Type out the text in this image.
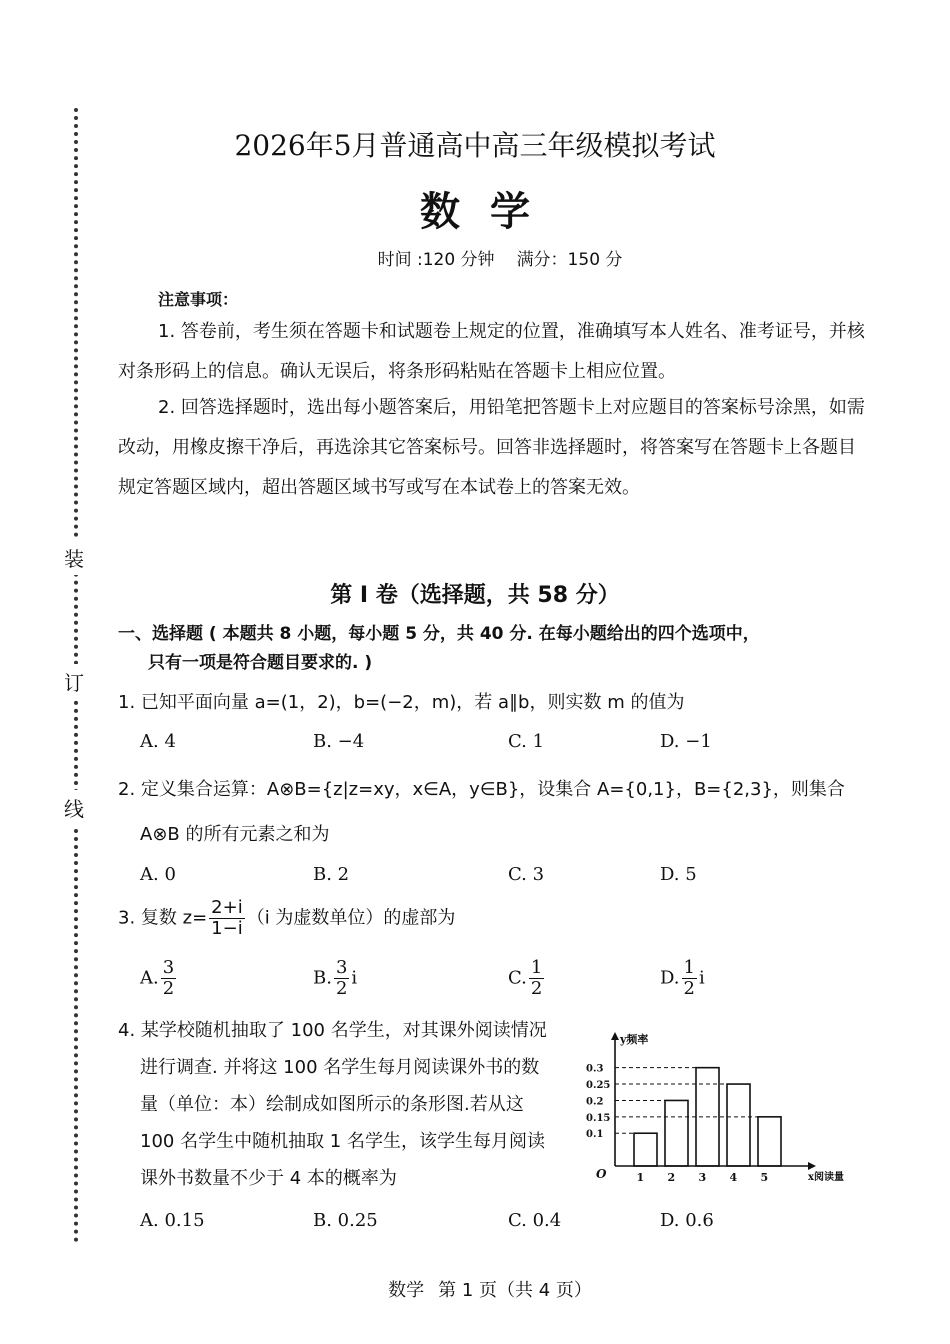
装
订
线
2026年5月普通高中高三年级模拟考试
数学
时间 :120 分钟 满分：150 分
注意事项：
1. 答卷前，考生须在答题卡和试题卷上规定的位置，准确填写本人姓名、准考证号，并核对条形码上的信息。确认无误后，将条形码粘贴在答题卡上相应位置。
2. 回答选择题时，选出每小题答案后，用铅笔把答题卡上对应题目的答案标号涂黑，如需改动，用橡皮擦干净后，再选涂其它答案标号。回答非选择题时，将答案写在答题卡上各题目规定答题区域内，超出答题区域书写或写在本试卷上的答案无效。
第 Ⅰ 卷（选择题，共 58 分）
一、选择题 ( 本题共 8 小题，每小题 5 分，共 40 分. 在每小题给出的四个选项中，
只有一项是符合题目要求的. )
1. 已知平面向量 a=(1，2)，b=(−2，m)，若 a∥b，则实数 m 的值为
A. 4	B. −4	C. 1	D. −1
2. 定义集合运算：A⊗B={z|z=xy，x∈A，y∈B}，设集合 A={0,1}，B={2,3}，则集合
A⊗B 的所有元素之和为
A. 0	B. 2	C. 3	D. 5
3. 复数 $z= \frac{2+i}{1-i} (i$ 为虚数单位）的虚部为
A. $\frac{3}{2}$	B. $\frac{3}{2}$ i	C. $\frac{1}{2}$	D. $\frac{1}{2}$ i
4. 某学校随机抽取了 100 名学生，对其课外阅读情况
进行调查. 并将这 100 名学生每月阅读课外书的数
量（单位：本）绘制成如图所示的条形图.若从这
100 名学生中随机抽取 1 名学生，该学生每月阅读
课外书数量不少于 4 本的概率为
A. 0.15	B. 0.25	C. 0.4	D. 0.6
y频率
x阅读量
O	1 2 3 4 5
0.1
0.15
0.2
0.25
0.3
数学 第 1 页（共 4 页）
